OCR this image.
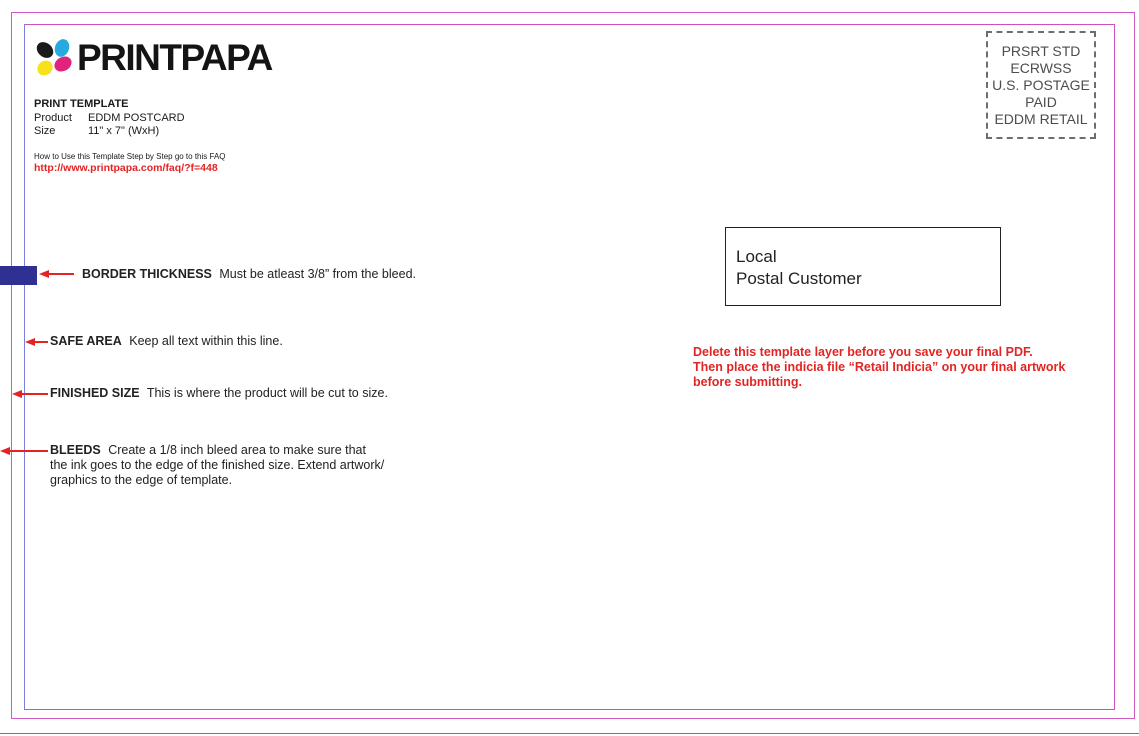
PRINTPAPA
PRINT TEMPLATE
Product	EDDM POSTCARD
Size	11" x 7" (WxH)
How to Use this Template Step by Step go to this FAQ
http://www.printpapa.com/faq/?f=448
PRSRT STD
ECRWSS
U.S. POSTAGE
PAID
EDDM RETAIL
Local
Postal Customer
Delete this template layer before you save your final PDF.
Then place the indicia file “Retail Indicia” on your final artwork
before submitting.
BORDER THICKNESS Must be atleast 3/8” from the bleed.
SAFE AREA Keep all text within this line.
FINISHED SIZE This is where the product will be cut to size.
BLEEDS Create a 1/8 inch bleed area to make sure that
the ink goes to the edge of the finished size. Extend artwork/
graphics to the edge of template.
